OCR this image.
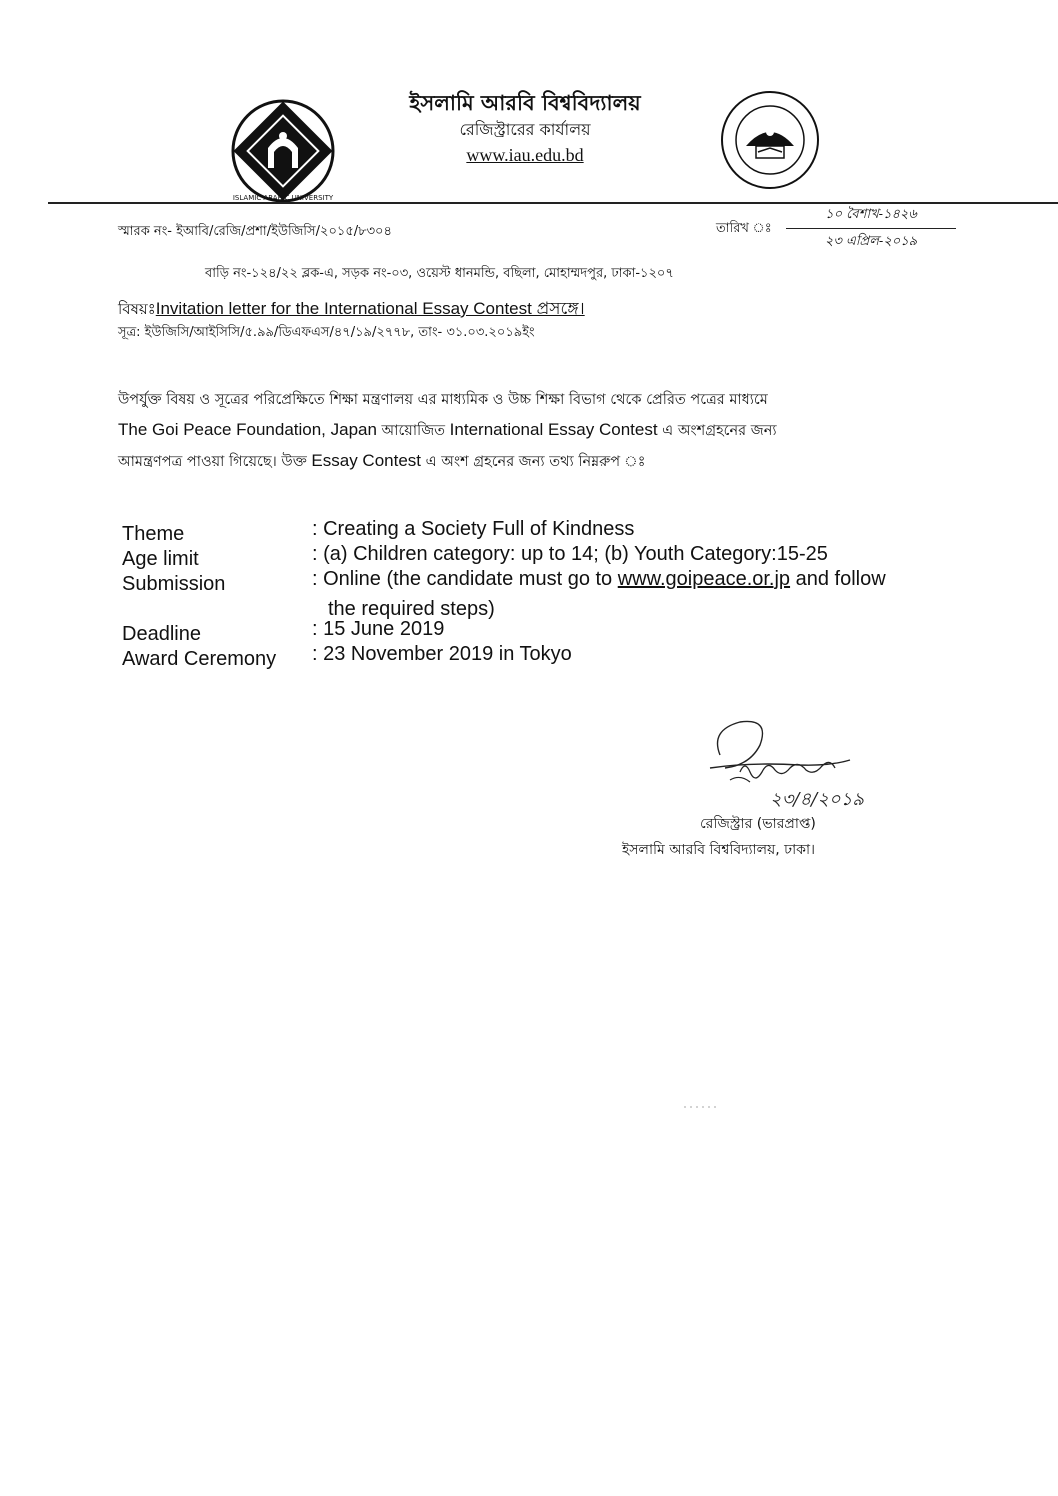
ISLAMIC ARABIC UNIVERSITY
ইসলামি আরবি বিশ্ববিদ্যালয়
রেজিস্ট্রারের কার্যালয়
www.iau.edu.bd
বাড়ি নং-১২৪/২২ ব্লক-এ, সড়ক নং-০৩, ওয়েস্ট ধানমন্ডি, বছিলা, মোহাম্মদপুর, ঢাকা-১২০৭
স্মারক নং- ইআবি/রেজি/প্রশা/ইউজিসি/২০১৫/৮৩০৪	তারিখ ঃ
১০ বৈশাখ-১৪২৬
২৩ এপ্রিল-২০১৯
বিষয়ঃInvitation letter for the International Essay Contest প্রসঙ্গে।
সূত্র: ইউজিসি/আইসিসি/৫.৯৯/ডিএফএস/৪৭/১৯/২৭৭৮, তাং- ৩১.০৩.২০১৯ইং
উপর্যুক্ত বিষয় ও সূত্রের পরিপ্রেক্ষিতে শিক্ষা মন্ত্রণালয় এর মাধ্যমিক ও উচ্চ শিক্ষা বিভাগ থেকে প্রেরিত পত্রের মাধ্যমে
The Goi Peace Foundation, Japan আয়োজিত International Essay Contest এ অংশগ্রহনের জন্য
আমন্ত্রণপত্র পাওয়া গিয়েছে। উক্ত Essay Contest এ অংশ গ্রহনের জন্য তথ্য নিম্নরুপ ঃ
Theme	: Creating a Society Full of Kindness
Age limit	: (a) Children category: up to 14; (b) Youth Category:15-25
Submission	: Online (the candidate must go to www.goipeace.or.jp and follow
the required steps)
Deadline	: 15 June 2019
Award Ceremony : 23 November 2019 in Tokyo
২৩/৪/২০১৯
রেজিস্ট্রার (ভারপ্রাপ্ত)
ইসলামি আরবি বিশ্ববিদ্যালয়, ঢাকা।
